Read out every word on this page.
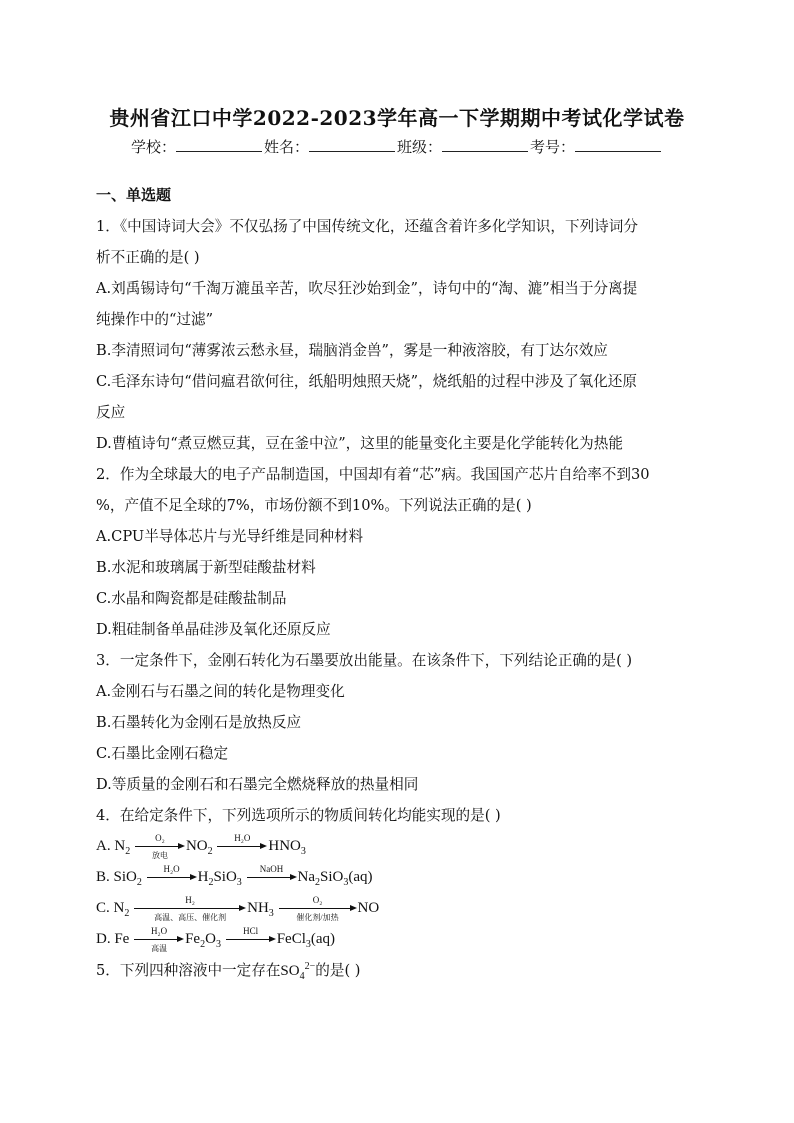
贵州省江口中学2022-2023学年高一下学期期中考试化学试卷
学校：	姓名：	班级：	考号：
一、单选题
1．《中国诗词大会》不仅弘扬了中国传统文化，还蕴含着许多化学知识，下列诗词分
析不正确的是( )
A.刘禹锡诗句“千淘万漉虽辛苦，吹尽狂沙始到金”，诗句中的“淘、漉”相当于分离提
纯操作中的“过滤”
B.李清照词句“薄雾浓云愁永昼，瑞脑消金兽”，雾是一种液溶胶，有丁达尔效应
C.毛泽东诗句“借问瘟君欲何往，纸船明烛照天烧”，烧纸船的过程中涉及了氧化还原
反应
D.曹植诗句“煮豆燃豆萁，豆在釜中泣”，这里的能量变化主要是化学能转化为热能
2．作为全球最大的电子产品制造国，中国却有着“芯”病。我国国产芯片自给率不到30
%，产值不足全球的7%，市场份额不到10%。下列说法正确的是( )
A.CPU半导体芯片与光导纤维是同种材料
B.水泥和玻璃属于新型硅酸盐材料
C.水晶和陶瓷都是硅酸盐制品
D.粗硅制备单晶硅涉及氧化还原反应
3．一定条件下，金刚石转化为石墨要放出能量。在该条件下，下列结论正确的是( )
A.金刚石与石墨之间的转化是物理变化
B.石墨转化为金刚石是放热反应
C.石墨比金刚石稳定
D.等质量的金刚石和石墨完全燃烧释放的热量相同
4．在给定条件下，下列选项所示的物质间转化均能实现的是( )
A. $N_2$
O₂
放电
$NO_2$
H₂O	$HNO_3$
B. SiO$_2$
H₂O	$H_2SiO_3$
NaOH $Na_2SiO_3(aq)$
C. $N_2$
H₂
高温、高压、催化剂
$NH_3$
O₂
催化剂/加热
NO
D. Fe	H₂O
高温
$Fe_2O_3$
HCl	FeCl$_3$(aq)
5．下列四种溶液中一定存在$SO_4^{2-}$的是( )
